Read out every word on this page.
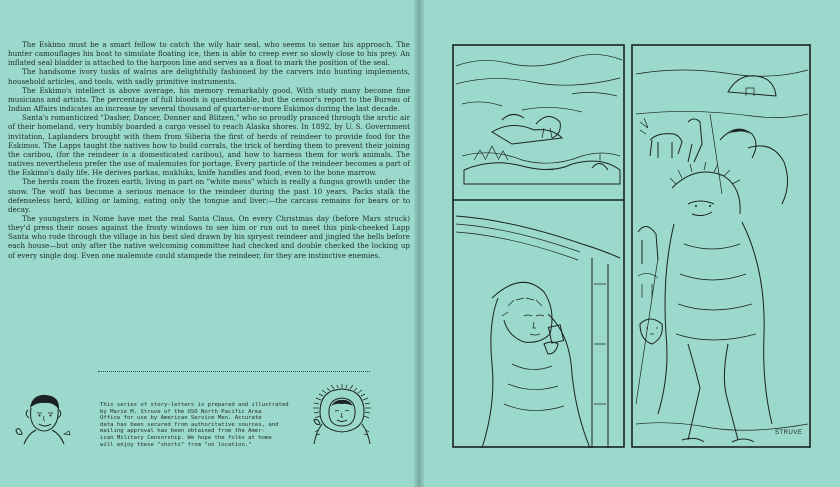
The Eskimo must be a smart fellow to catch the wily hair seal, who seems to sense his approach. The hunter camouflages his boat to simulate floating ice, then is able to creep ever so slowly close to his prey. An inflated seal bladder is attached to the harpoon line and serves as a float to mark the position of the seal.

The handsome ivory tusks of walrus are delightfully fashioned by the carvers into hunting implements, household articles, and tools, with sadly primitive instruments.

The Eskimo's intellect is above average, his memory remarkably good. With study many become fine musicians and artists. The percentage of full bloods is questionable, but the censor's report to the Bureau of Indian Affairs indicates an increase by several thousand of quarter-or-more Eskimos during the last decade.

Santa's romanticized "Dasher, Dancer, Donner and Blitzen," who so proudly pranced through the arctic air of their homeland, very humbly boarded a cargo vessel to reach Alaska shores. In 1892, by U. S. Government invitation, Laplanders brought with them from Siberia the first of herds of reindeer to provide food for the Eskimos. The Lapps taught the natives how to build corrals, the trick of herding them to prevent their joining the caribou, (for the reindeer is a domesticated caribou), and how to harness them for work animals. The natives nevertheless prefer the use of malemutes for portage. Every particle of the reindeer becomes a part of the Eskimo's daily life. He derives parkas, mukluks, knife handles and food, even to the bone marrow.

The herds roam the frozen earth, living in part on "white moss" which is really a fungus growth under the snow. The wolf has become a serious menace to the reindeer during the past 10 years. Packs stalk the defenseless herd, killing or laming, eating only the tongue and liver;—the carcass remains for bears or to decay.

The youngsters in Nome have met the real Santa Claus. On every Christmas day (before Mars struck) they'd press their noses against the frosty windows to see him or run out to meet this pink-cheeked Lapp Santa who rode through the village in his best sled drawn by his spryest reindeer and jingled the bells before each house—but only after the native welcoming committee had checked and double checked the locking up of every single dog. Even one malemute could stampede the reindeer, for they are instinctive enemies.

This series of story-letters is prepared and illustrated
by Marie M. Struve of the USO North Pacific Area
Office for use by American Service Men. Accurate
data has been secured from authoritative sources, and
mailing approval has been obtained from the Amer-
ican Military Censorship. We hope the folks at home
will enjoy these "shorts" from "on location."
STRUVE
